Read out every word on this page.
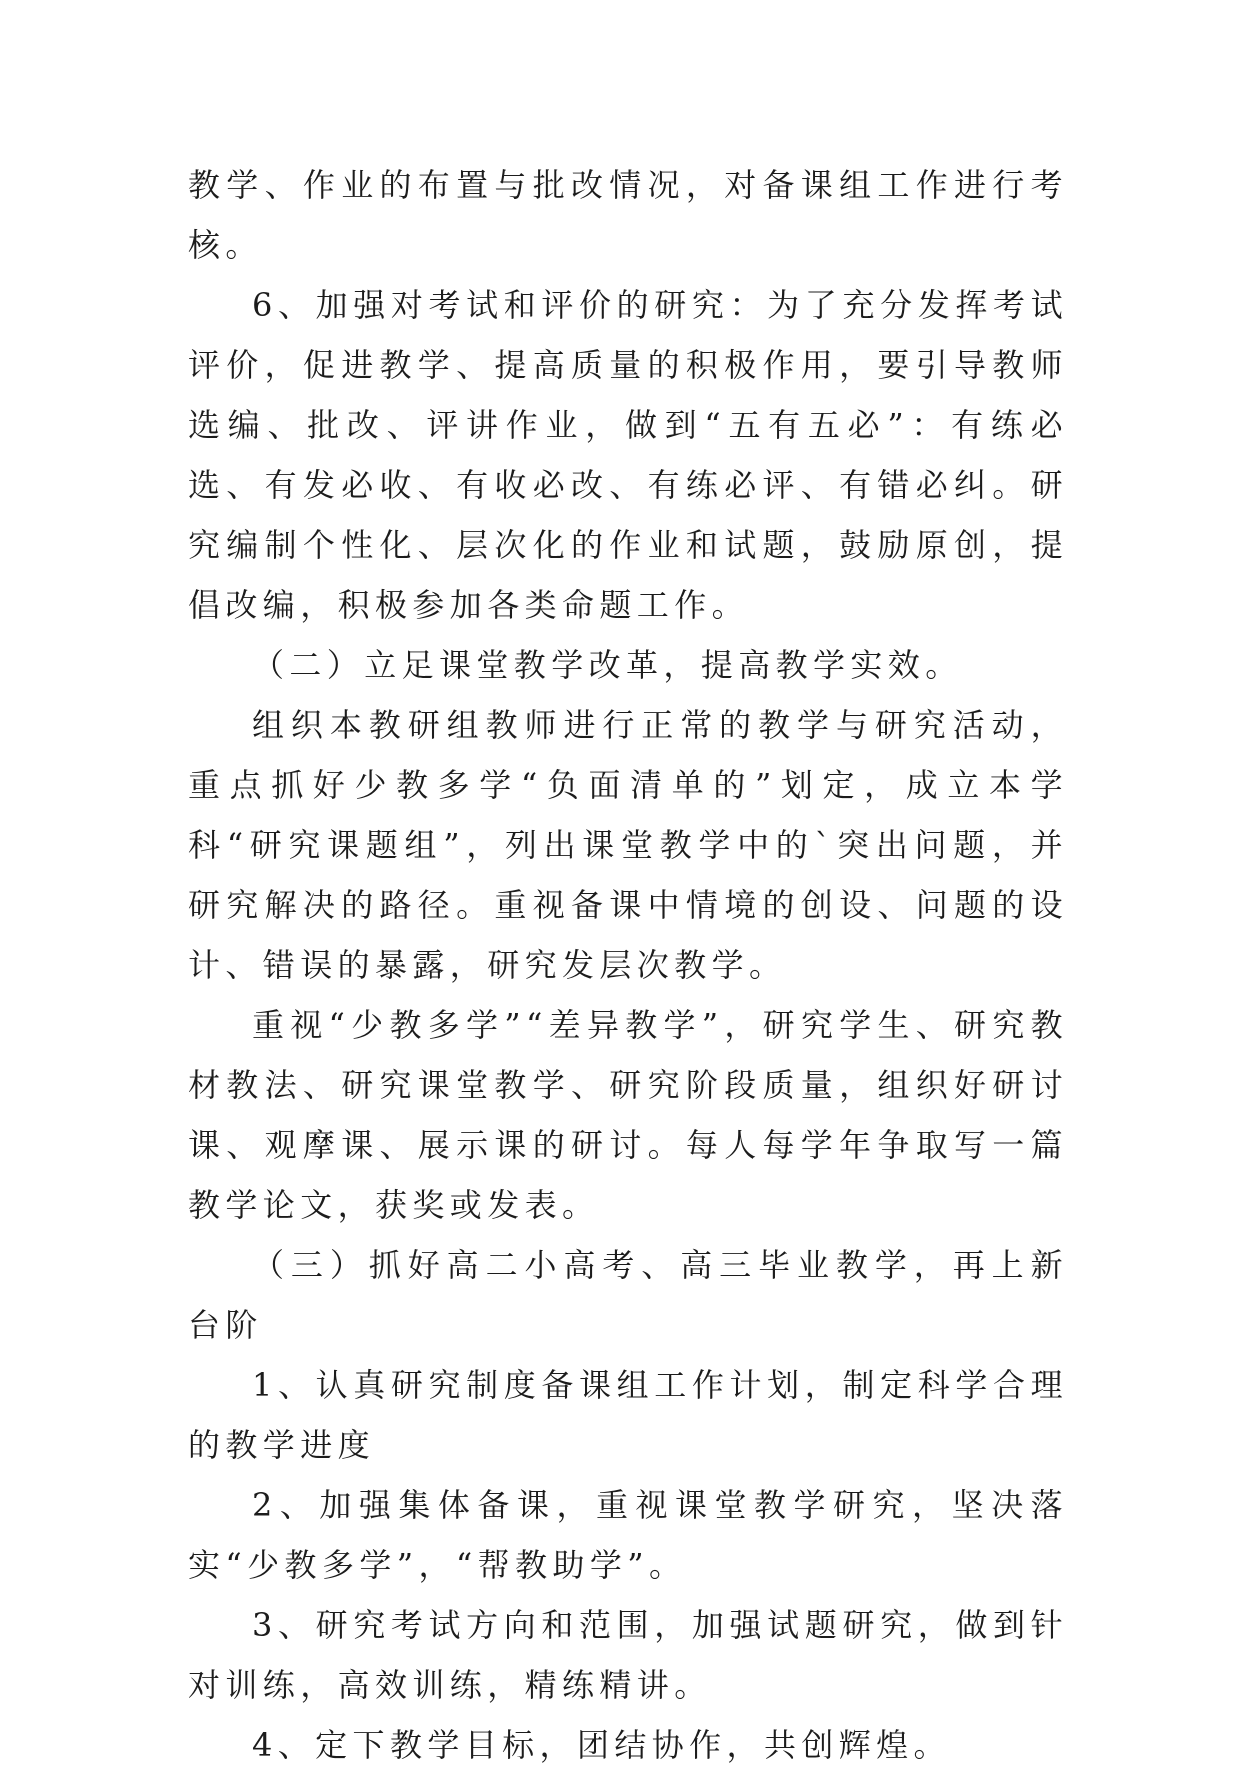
教学、作业的布置与批改情况，对备课组工作进行考核。

6、加强对考试和评价的研究：为了充分发挥考试评价，促进教学、提高质量的积极作用，要引导教师选编、批改、评讲作业，做到“五有五必”：有练必选、有发必收、有收必改、有练必评、有错必纠。研究编制个性化、层次化的作业和试题，鼓励原创，提倡改编，积极参加各类命题工作。

（二）立足课堂教学改革，提高教学实效。

组织本教研组教师进行正常的教学与研究活动，重点抓好少教多学“负面清单的”划定，成立本学科“研究课题组”，列出课堂教学中的`突出问题，并研究解决的路径。重视备课中情境的创设、问题的设计、错误的暴露，研究发层次教学。

重视“少教多学”“差异教学”，研究学生、研究教材教法、研究课堂教学、研究阶段质量，组织好研讨课、观摩课、展示课的研讨。每人每学年争取写一篇教学论文，获奖或发表。

（三）抓好高二小高考、高三毕业教学，再上新台阶

1、认真研究制度备课组工作计划，制定科学合理的教学进度

2、加强集体备课，重视课堂教学研究，坚决落实“少教多学”，“帮教助学”。

3、研究考试方向和范围，加强试题研究，做到针对训练，高效训练，精练精讲。

4、定下教学目标，团结协作，共创辉煌。
